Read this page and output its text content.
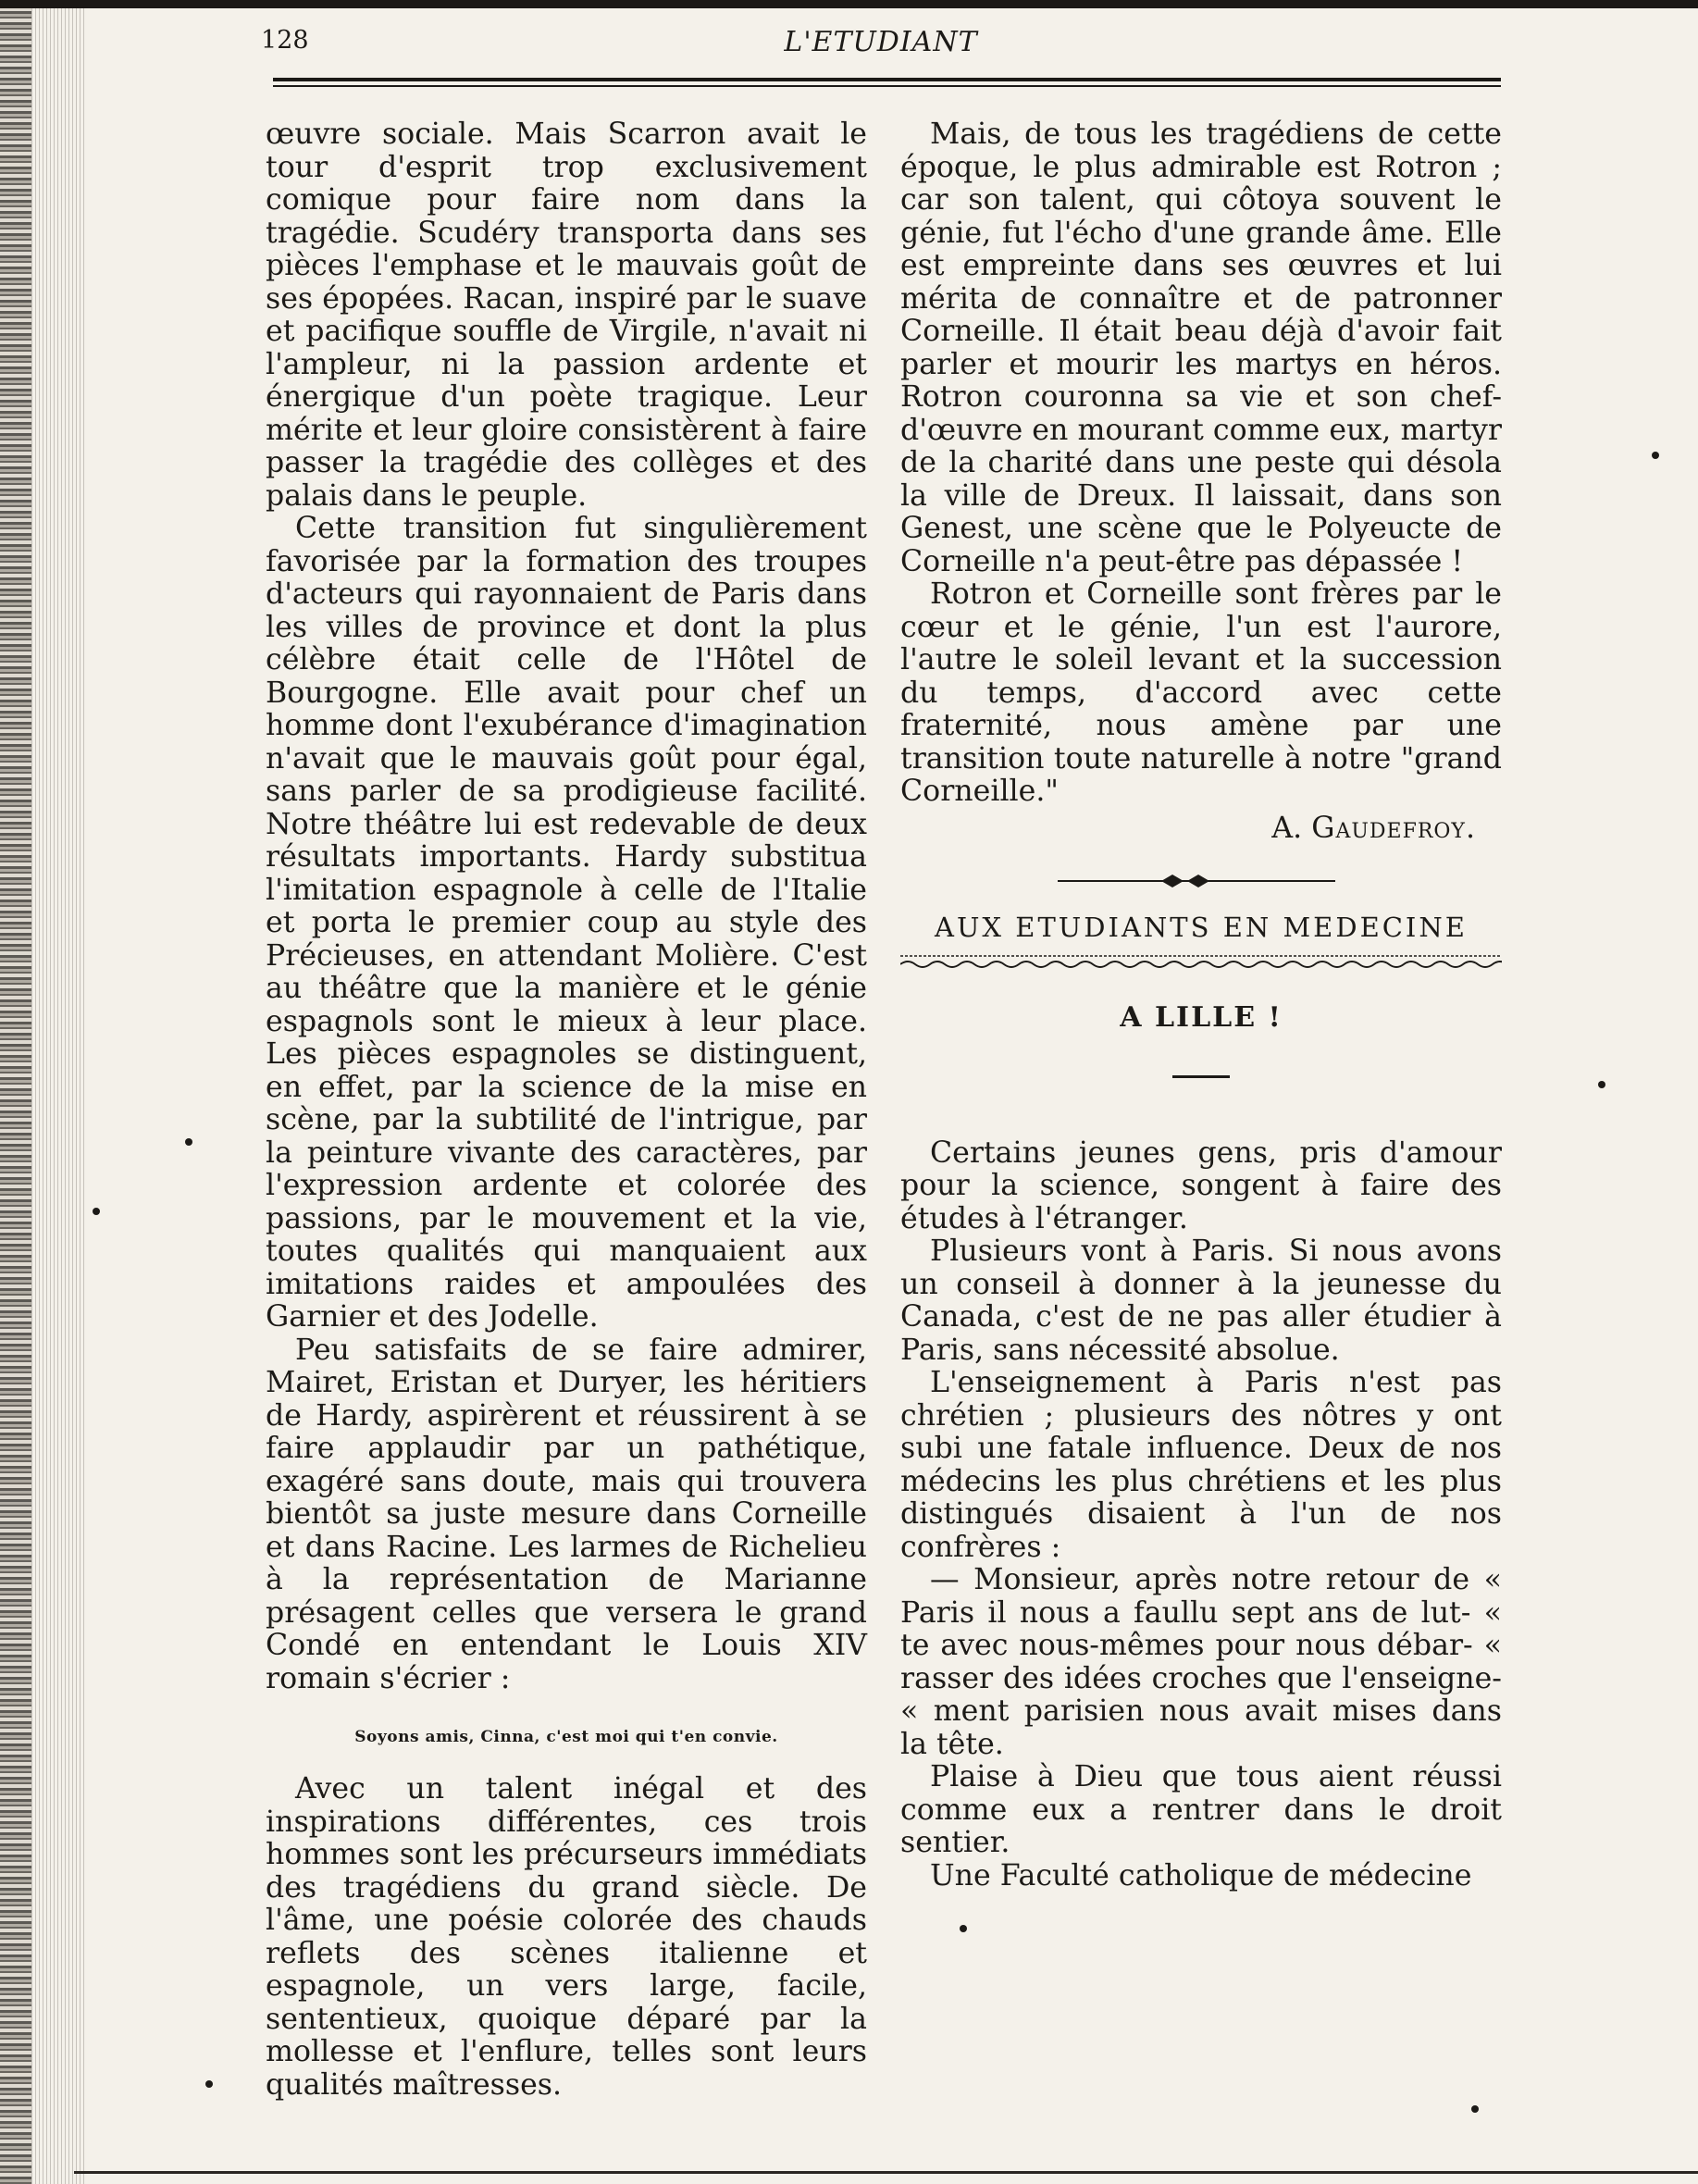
128	L'ETUDIANT

œuvre sociale. Mais Scarron avait le tour d'esprit trop exclusivement comique pour faire nom dans la tragédie. Scudéry transporta dans ses pièces l'emphase et le mauvais goût de ses épopées. Racan, inspiré par le suave et pacifique souffle de Virgile, n'avait ni l'ampleur, ni la passion ardente et énergique d'un poète tragique. Leur mérite et leur gloire consistèrent à faire passer la tragédie des collèges et des palais dans le peuple.

Cette transition fut singulièrement favorisée par la formation des troupes d'acteurs qui rayonnaient de Paris dans les villes de province et dont la plus célèbre était celle de l'Hôtel de Bourgogne. Elle avait pour chef un homme dont l'exubérance d'imagination n'avait que le mauvais goût pour égal, sans parler de sa prodigieuse facilité. Notre théâtre lui est redevable de deux résultats importants. Hardy substitua l'imitation espagnole à celle de l'Italie et porta le premier coup au style des Précieuses, en attendant Molière. C'est au théâtre que la manière et le génie espagnols sont le mieux à leur place. Les pièces espagnoles se distinguent, en effet, par la science de la mise en scène, par la subtilité de l'intrigue, par la peinture vivante des caractères, par l'expression ardente et colorée des passions, par le mouvement et la vie, toutes qualités qui manquaient aux imitations raides et ampoulées des Garnier et des Jodelle.

Peu satisfaits de se faire admirer, Mairet, Eristan et Duryer, les héritiers de Hardy, aspirèrent et réussirent à se faire applaudir par un pathétique, exagéré sans doute, mais qui trouvera bientôt sa juste mesure dans Corneille et dans Racine. Les larmes de Richelieu à la représentation de Marianne présagent celles que versera le grand Condé en entendant le Louis XIV romain s'écrier :

Soyons amis, Cinna, c'est moi qui t'en convie.

Avec un talent inégal et des inspirations différentes, ces trois hommes sont les précurseurs immédiats des tragédiens du grand siècle. De l'âme, une poésie colorée des chauds reflets des scènes italienne et espagnole, un vers large, facile, sententieux, quoique déparé par la mollesse et l'enflure, telles sont leurs qualités maîtresses.

Mais, de tous les tragédiens de cette époque, le plus admirable est Rotron ; car son talent, qui côtoya souvent le génie, fut l'écho d'une grande âme. Elle est empreinte dans ses œuvres et lui mérita de connaître et de patronner Corneille. Il était beau déjà d'avoir fait parler et mourir les martys en héros. Rotron couronna sa vie et son chef-d'œuvre en mourant comme eux, martyr de la charité dans une peste qui désola la ville de Dreux. Il laissait, dans son Genest, une scène que le Polyeucte de Corneille n'a peut-être pas dépassée !

Rotron et Corneille sont frères par le cœur et le génie, l'un est l'aurore, l'autre le soleil levant et la succession du temps, d'accord avec cette fraternité, nous amène par une transition toute naturelle à notre "grand Corneille."

A. Gaudefroy.
AUX ETUDIANTS EN MEDECINE
A LILLE !

Certains jeunes gens, pris d'amour pour la science, songent à faire des études à l'étranger.

Plusieurs vont à Paris. Si nous avons un conseil à donner à la jeunesse du Canada, c'est de ne pas aller étudier à Paris, sans nécessité absolue.

L'enseignement à Paris n'est pas chrétien ; plusieurs des nôtres y ont subi une fatale influence. Deux de nos médecins les plus chrétiens et les plus distingués disaient à l'un de nos confrères :

— Monsieur, après notre retour de « Paris il nous a faullu sept ans de lut- « te avec nous-mêmes pour nous débar- « rasser des idées croches que l'enseigne- « ment parisien nous avait mises dans la tête.

Plaise à Dieu que tous aient réussi comme eux a rentrer dans le droit sentier.

Une Faculté catholique de médecine
